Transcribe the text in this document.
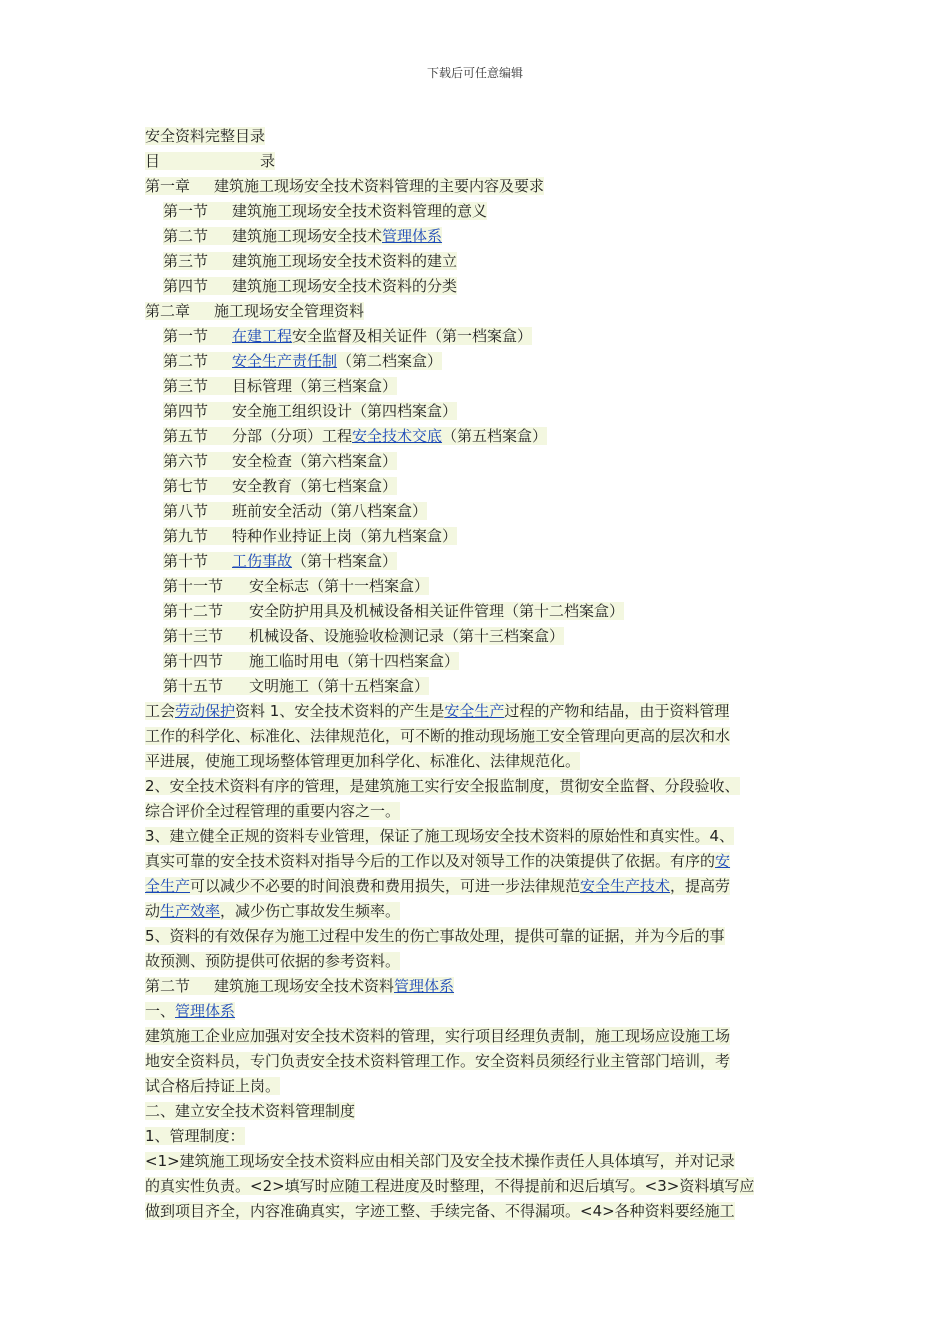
下载后可任意编辑
安全资料完整目录
目	录
第一章 建筑施工现场安全技术资料管理的主要内容及要求
第一节 建筑施工现场安全技术资料管理的意义
第二节 建筑施工现场安全技术管理体系
第三节 建筑施工现场安全技术资料的建立
第四节 建筑施工现场安全技术资料的分类
第二章 施工现场安全管理资料
第一节 在建工程安全监督及相关证件（第一档案盒）
第二节 安全生产责任制（第二档案盒）
第三节 目标管理（第三档案盒）
第四节 安全施工组织设计（第四档案盒）
第五节 分部（分项）工程安全技术交底（第五档案盒）
第六节 安全检查（第六档案盒）
第七节 安全教育（第七档案盒）
第八节 班前安全活动（第八档案盒）
第九节 特种作业持证上岗（第九档案盒）
第十节 工伤事故（第十档案盒）
第十一节 安全标志（第十一档案盒）
第十二节 安全防护用具及机械设备相关证件管理（第十二档案盒）
第十三节 机械设备、设施验收检测记录（第十三档案盒）
第十四节 施工临时用电（第十四档案盒）
第十五节 文明施工（第十五档案盒）
工会劳动保护资料 1、安全技术资料的产生是安全生产过程的产物和结晶，由于资料管理
工作的科学化、标准化、法律规范化，可不断的推动现场施工安全管理向更高的层次和水
平进展，使施工现场整体管理更加科学化、标准化、法律规范化。
2、安全技术资料有序的管理，是建筑施工实行安全报监制度，贯彻安全监督、分段验收、
综合评价全过程管理的重要内容之一。
3、建立健全正规的资料专业管理，保证了施工现场安全技术资料的原始性和真实性。4、
真实可靠的安全技术资料对指导今后的工作以及对领导工作的决策提供了依据。有序的安
全生产可以减少不必要的时间浪费和费用损失，可进一步法律规范安全生产技术，提高劳
动生产效率，减少伤亡事故发生频率。
5、资料的有效保存为施工过程中发生的伤亡事故处理，提供可靠的证据，并为今后的事
故预测、预防提供可依据的参考资料。
第二节 建筑施工现场安全技术资料管理体系
一、管理体系
建筑施工企业应加强对安全技术资料的管理，实行项目经理负责制，施工现场应设施工场
地安全资料员，专门负责安全技术资料管理工作。安全资料员须经行业主管部门培训，考
试合格后持证上岗。
二、建立安全技术资料管理制度
1、管理制度：
<1>建筑施工现场安全技术资料应由相关部门及安全技术操作责任人具体填写，并对记录
的真实性负责。<2>填写时应随工程进度及时整理，不得提前和迟后填写。<3>资料填写应
做到项目齐全，内容准确真实，字迹工整、手续完备、不得漏项。<4>各种资料要经施工
